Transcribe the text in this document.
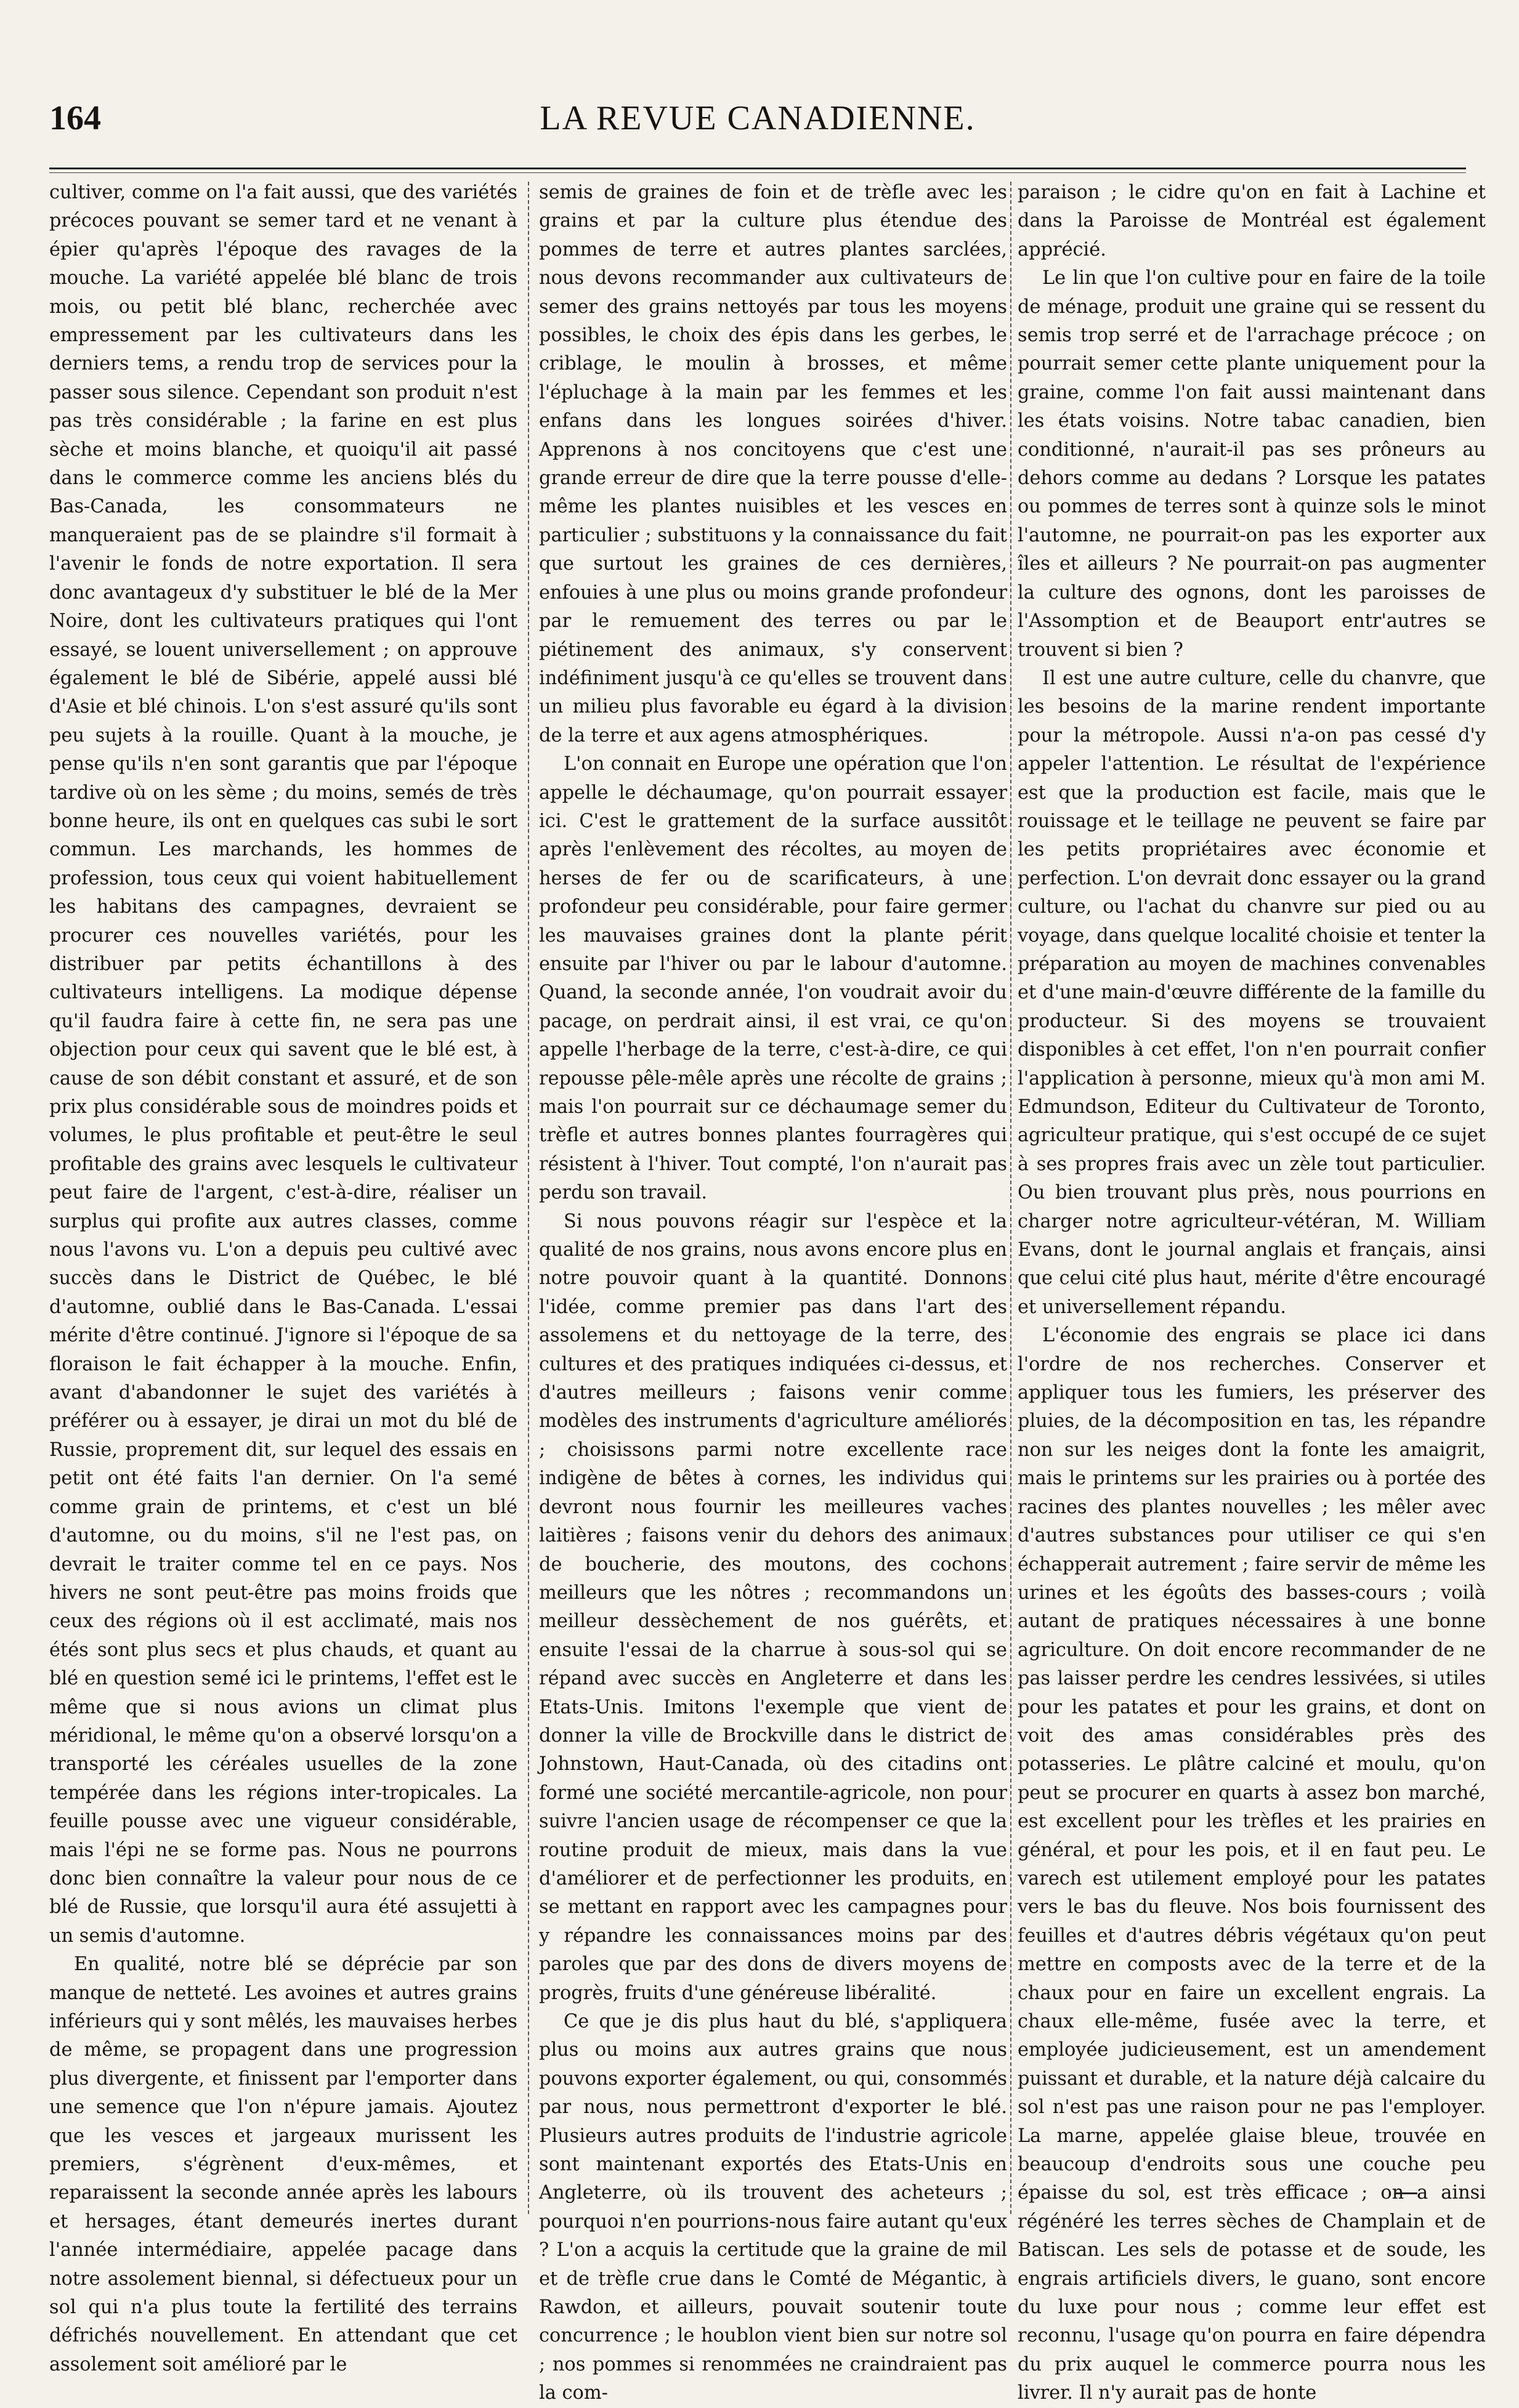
164	LA REVUE CANADIENNE.

cultiver, comme on l'a fait aussi, que des variétés précoces pouvant se semer tard et ne venant à épier qu'après l'époque des ravages de la mouche. La variété appelée blé blanc de trois mois, ou petit blé blanc, recherchée avec empressement par les cultivateurs dans les derniers tems, a rendu trop de services pour la passer sous silence. Cependant son produit n'est pas très considérable ; la farine en est plus sèche et moins blanche, et quoiqu'il ait passé dans le commerce comme les anciens blés du Bas-Canada, les consommateurs ne manqueraient pas de se plaindre s'il formait à l'avenir le fonds de notre exportation. Il sera donc avantageux d'y substituer le blé de la Mer Noire, dont les cultivateurs pratiques qui l'ont essayé, se louent universellement ; on approuve également le blé de Sibérie, appelé aussi blé d'Asie et blé chinois. L'on s'est assuré qu'ils sont peu sujets à la rouille. Quant à la mouche, je pense qu'ils n'en sont garantis que par l'époque tardive où on les sème ; du moins, semés de très bonne heure, ils ont en quelques cas subi le sort commun. Les marchands, les hommes de profession, tous ceux qui voient habituellement les habitans des campagnes, devraient se procurer ces nouvelles variétés, pour les distribuer par petits échantillons à des cultivateurs intelligens. La modique dépense qu'il faudra faire à cette fin, ne sera pas une objection pour ceux qui savent que le blé est, à cause de son débit constant et assuré, et de son prix plus considérable sous de moindres poids et volumes, le plus profitable et peut-être le seul profitable des grains avec lesquels le cultivateur peut faire de l'argent, c'est-à-dire, réaliser un surplus qui profite aux autres classes, comme nous l'avons vu. L'on a depuis peu cultivé avec succès dans le District de Québec, le blé d'automne, oublié dans le Bas-Canada. L'essai mérite d'être continué. J'ignore si l'époque de sa floraison le fait échapper à la mouche. Enfin, avant d'abandonner le sujet des variétés à préférer ou à essayer, je dirai un mot du blé de Russie, proprement dit, sur lequel des essais en petit ont été faits l'an dernier. On l'a semé comme grain de printems, et c'est un blé d'automne, ou du moins, s'il ne l'est pas, on devrait le traiter comme tel en ce pays. Nos hivers ne sont peut-être pas moins froids que ceux des régions où il est acclimaté, mais nos étés sont plus secs et plus chauds, et quant au blé en question semé ici le printems, l'effet est le même que si nous avions un climat plus méridional, le même qu'on a observé lorsqu'on a transporté les céréales usuelles de la zone tempérée dans les régions inter-tropicales. La feuille pousse avec une vigueur considérable, mais l'épi ne se forme pas. Nous ne pourrons donc bien connaître la valeur pour nous de ce blé de Russie, que lorsqu'il aura été assujetti à un semis d'automne.

En qualité, notre blé se déprécie par son manque de netteté. Les avoines et autres grains inférieurs qui y sont mêlés, les mauvaises herbes de même, se propagent dans une progression plus divergente, et finissent par l'emporter dans une semence que l'on n'épure jamais. Ajoutez que les vesces et jargeaux murissent les premiers, s'égrènent d'eux-mêmes, et reparaissent la seconde année après les labours et hersages, étant demeurés inertes durant l'année intermédiaire, appelée pacage dans notre assolement biennal, si défectueux pour un sol qui n'a plus toute la fertilité des terrains défrichés nouvellement. En attendant que cet assolement soit amélioré par le

semis de graines de foin et de trèfle avec les grains et par la culture plus étendue des pommes de terre et autres plantes sarclées, nous devons recommander aux cultivateurs de semer des grains nettoyés par tous les moyens possibles, le choix des épis dans les gerbes, le criblage, le moulin à brosses, et même l'épluchage à la main par les femmes et les enfans dans les longues soirées d'hiver. Apprenons à nos concitoyens que c'est une grande erreur de dire que la terre pousse d'elle-même les plantes nuisibles et les vesces en particulier ; substituons y la connaissance du fait que surtout les graines de ces dernières, enfouies à une plus ou moins grande profondeur par le remuement des terres ou par le piétinement des animaux, s'y conservent indéfiniment jusqu'à ce qu'elles se trouvent dans un milieu plus favorable eu égard à la division de la terre et aux agens atmosphériques.

L'on connait en Europe une opération que l'on appelle le déchaumage, qu'on pourrait essayer ici. C'est le grattement de la surface aussitôt après l'enlèvement des récoltes, au moyen de herses de fer ou de scarificateurs, à une profondeur peu considérable, pour faire germer les mauvaises graines dont la plante périt ensuite par l'hiver ou par le labour d'automne. Quand, la seconde année, l'on voudrait avoir du pacage, on perdrait ainsi, il est vrai, ce qu'on appelle l'herbage de la terre, c'est-à-dire, ce qui repousse pêle-mêle après une récolte de grains ; mais l'on pourrait sur ce déchaumage semer du trèfle et autres bonnes plantes fourragères qui résistent à l'hiver. Tout compté, l'on n'aurait pas perdu son travail.

Si nous pouvons réagir sur l'espèce et la qualité de nos grains, nous avons encore plus en notre pouvoir quant à la quantité. Donnons l'idée, comme premier pas dans l'art des assolemens et du nettoyage de la terre, des cultures et des pratiques indiquées ci-dessus, et d'autres meilleurs ; faisons venir comme modèles des instruments d'agriculture améliorés ; choisissons parmi notre excellente race indigène de bêtes à cornes, les individus qui devront nous fournir les meilleures vaches laitières ; faisons venir du dehors des animaux de boucherie, des moutons, des cochons meilleurs que les nôtres ; recommandons un meilleur dessèchement de nos guérêts, et ensuite l'essai de la charrue à sous-sol qui se répand avec succès en Angleterre et dans les Etats-Unis. Imitons l'exemple que vient de donner la ville de Brockville dans le district de Johnstown, Haut-Canada, où des citadins ont formé une société mercantile-agricole, non pour suivre l'ancien usage de récompenser ce que la routine produit de mieux, mais dans la vue d'améliorer et de perfectionner les produits, en se mettant en rapport avec les campagnes pour y répandre les connaissances moins par des paroles que par des dons de divers moyens de progrès, fruits d'une généreuse libéralité.

Ce que je dis plus haut du blé, s'appliquera plus ou moins aux autres grains que nous pouvons exporter également, ou qui, consommés par nous, nous permettront d'exporter le blé. Plusieurs autres produits de l'industrie agricole sont maintenant exportés des Etats-Unis en Angleterre, où ils trouvent des acheteurs ; pourquoi n'en pourrions-nous faire autant qu'eux ? L'on a acquis la certitude que la graine de mil et de trèfle crue dans le Comté de Mégantic, à Rawdon, et ailleurs, pouvait soutenir toute concurrence ; le houblon vient bien sur notre sol ; nos pommes si renommées ne craindraient pas la com-

paraison ; le cidre qu'on en fait à Lachine et dans la Paroisse de Montréal est également apprécié.

Le lin que l'on cultive pour en faire de la toile de ménage, produit une graine qui se ressent du semis trop serré et de l'arrachage précoce ; on pourrait semer cette plante uniquement pour la graine, comme l'on fait aussi maintenant dans les états voisins. Notre tabac canadien, bien conditionné, n'aurait-il pas ses prôneurs au dehors comme au dedans ? Lorsque les patates ou pommes de terres sont à quinze sols le minot l'automne, ne pourrait-on pas les exporter aux îles et ailleurs ? Ne pourrait-on pas augmenter la culture des ognons, dont les paroisses de l'Assomption et de Beauport entr'autres se trouvent si bien ?

Il est une autre culture, celle du chanvre, que les besoins de la marine rendent importante pour la métropole. Aussi n'a-on pas cessé d'y appeler l'attention. Le résultat de l'expérience est que la production est facile, mais que le rouissage et le teillage ne peuvent se faire par les petits propriétaires avec économie et perfection. L'on devrait donc essayer ou la grand culture, ou l'achat du chanvre sur pied ou au voyage, dans quelque localité choisie et tenter la préparation au moyen de machines convenables et d'une main-d'œuvre différente de la famille du producteur. Si des moyens se trouvaient disponibles à cet effet, l'on n'en pourrait confier l'application à personne, mieux qu'à mon ami M. Edmundson, Editeur du Cultivateur de Toronto, agriculteur pratique, qui s'est occupé de ce sujet à ses propres frais avec un zèle tout particulier. Ou bien trouvant plus près, nous pourrions en charger notre agriculteur-vétéran, M. William Evans, dont le journal anglais et français, ainsi que celui cité plus haut, mérite d'être encouragé et universellement répandu.

L'économie des engrais se place ici dans l'ordre de nos recherches. Conserver et appliquer tous les fumiers, les préserver des pluies, de la décomposition en tas, les répandre non sur les neiges dont la fonte les amaigrit, mais le printems sur les prairies ou à portée des racines des plantes nouvelles ; les mêler avec d'autres substances pour utiliser ce qui s'en échapperait autrement ; faire servir de même les urines et les égoûts des basses-cours ; voilà autant de pratiques nécessaires à une bonne agriculture. On doit encore recommander de ne pas laisser perdre les cendres lessivées, si utiles pour les patates et pour les grains, et dont on voit des amas considérables près des potasseries. Le plâtre calciné et moulu, qu'on peut se procurer en quarts à assez bon marché, est excellent pour les trèfles et les prairies en général, et pour les pois, et il en faut peu. Le varech est utilement employé pour les patates vers le bas du fleuve. Nos bois fournissent des feuilles et d'autres débris végétaux qu'on peut mettre en composts avec de la terre et de la chaux pour en faire un excellent engrais. La chaux elle-même, fusée avec la terre, et employée judicieusement, est un amendement puissant et durable, et la nature déjà calcaire du sol n'est pas une raison pour ne pas l'employer. La marne, appelée glaise bleue, trouvée en beaucoup d'endroits sous une couche peu épaisse du sol, est très efficace ; on a ainsi régénéré les terres sèches de Champlain et de Batiscan. Les sels de potasse et de soude, les engrais artificiels divers, le guano, sont encore du luxe pour nous ; comme leur effet est reconnu, l'usage qu'on pourra en faire dépendra du prix auquel le commerce pourra nous les livrer. Il n'y aurait pas de honte
